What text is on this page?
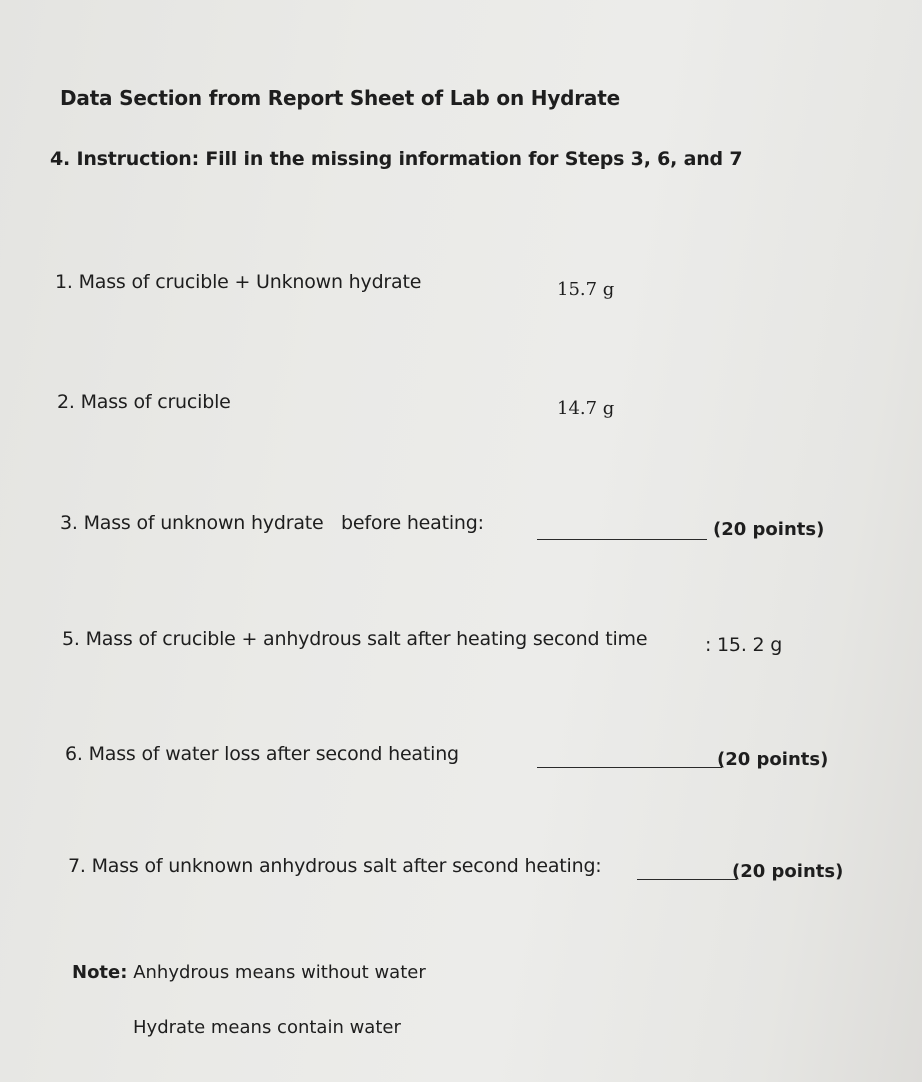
Data Section from Report Sheet of Lab on Hydrate
4. Instruction: Fill in the missing information for Steps 3, 6, and 7
1. Mass of crucible + Unknown hydrate	15.7 g
2. Mass of crucible	14.7 g
3. Mass of unknown hydrate   before heating:	(20 points)
5. Mass of crucible + anhydrous salt after heating second time	: 15. 2 g
6. Mass of water loss after second heating	(20 points)
7. Mass of unknown anhydrous salt after second heating:	(20 points)
Note: Anhydrous means without water
Hydrate means contain water
